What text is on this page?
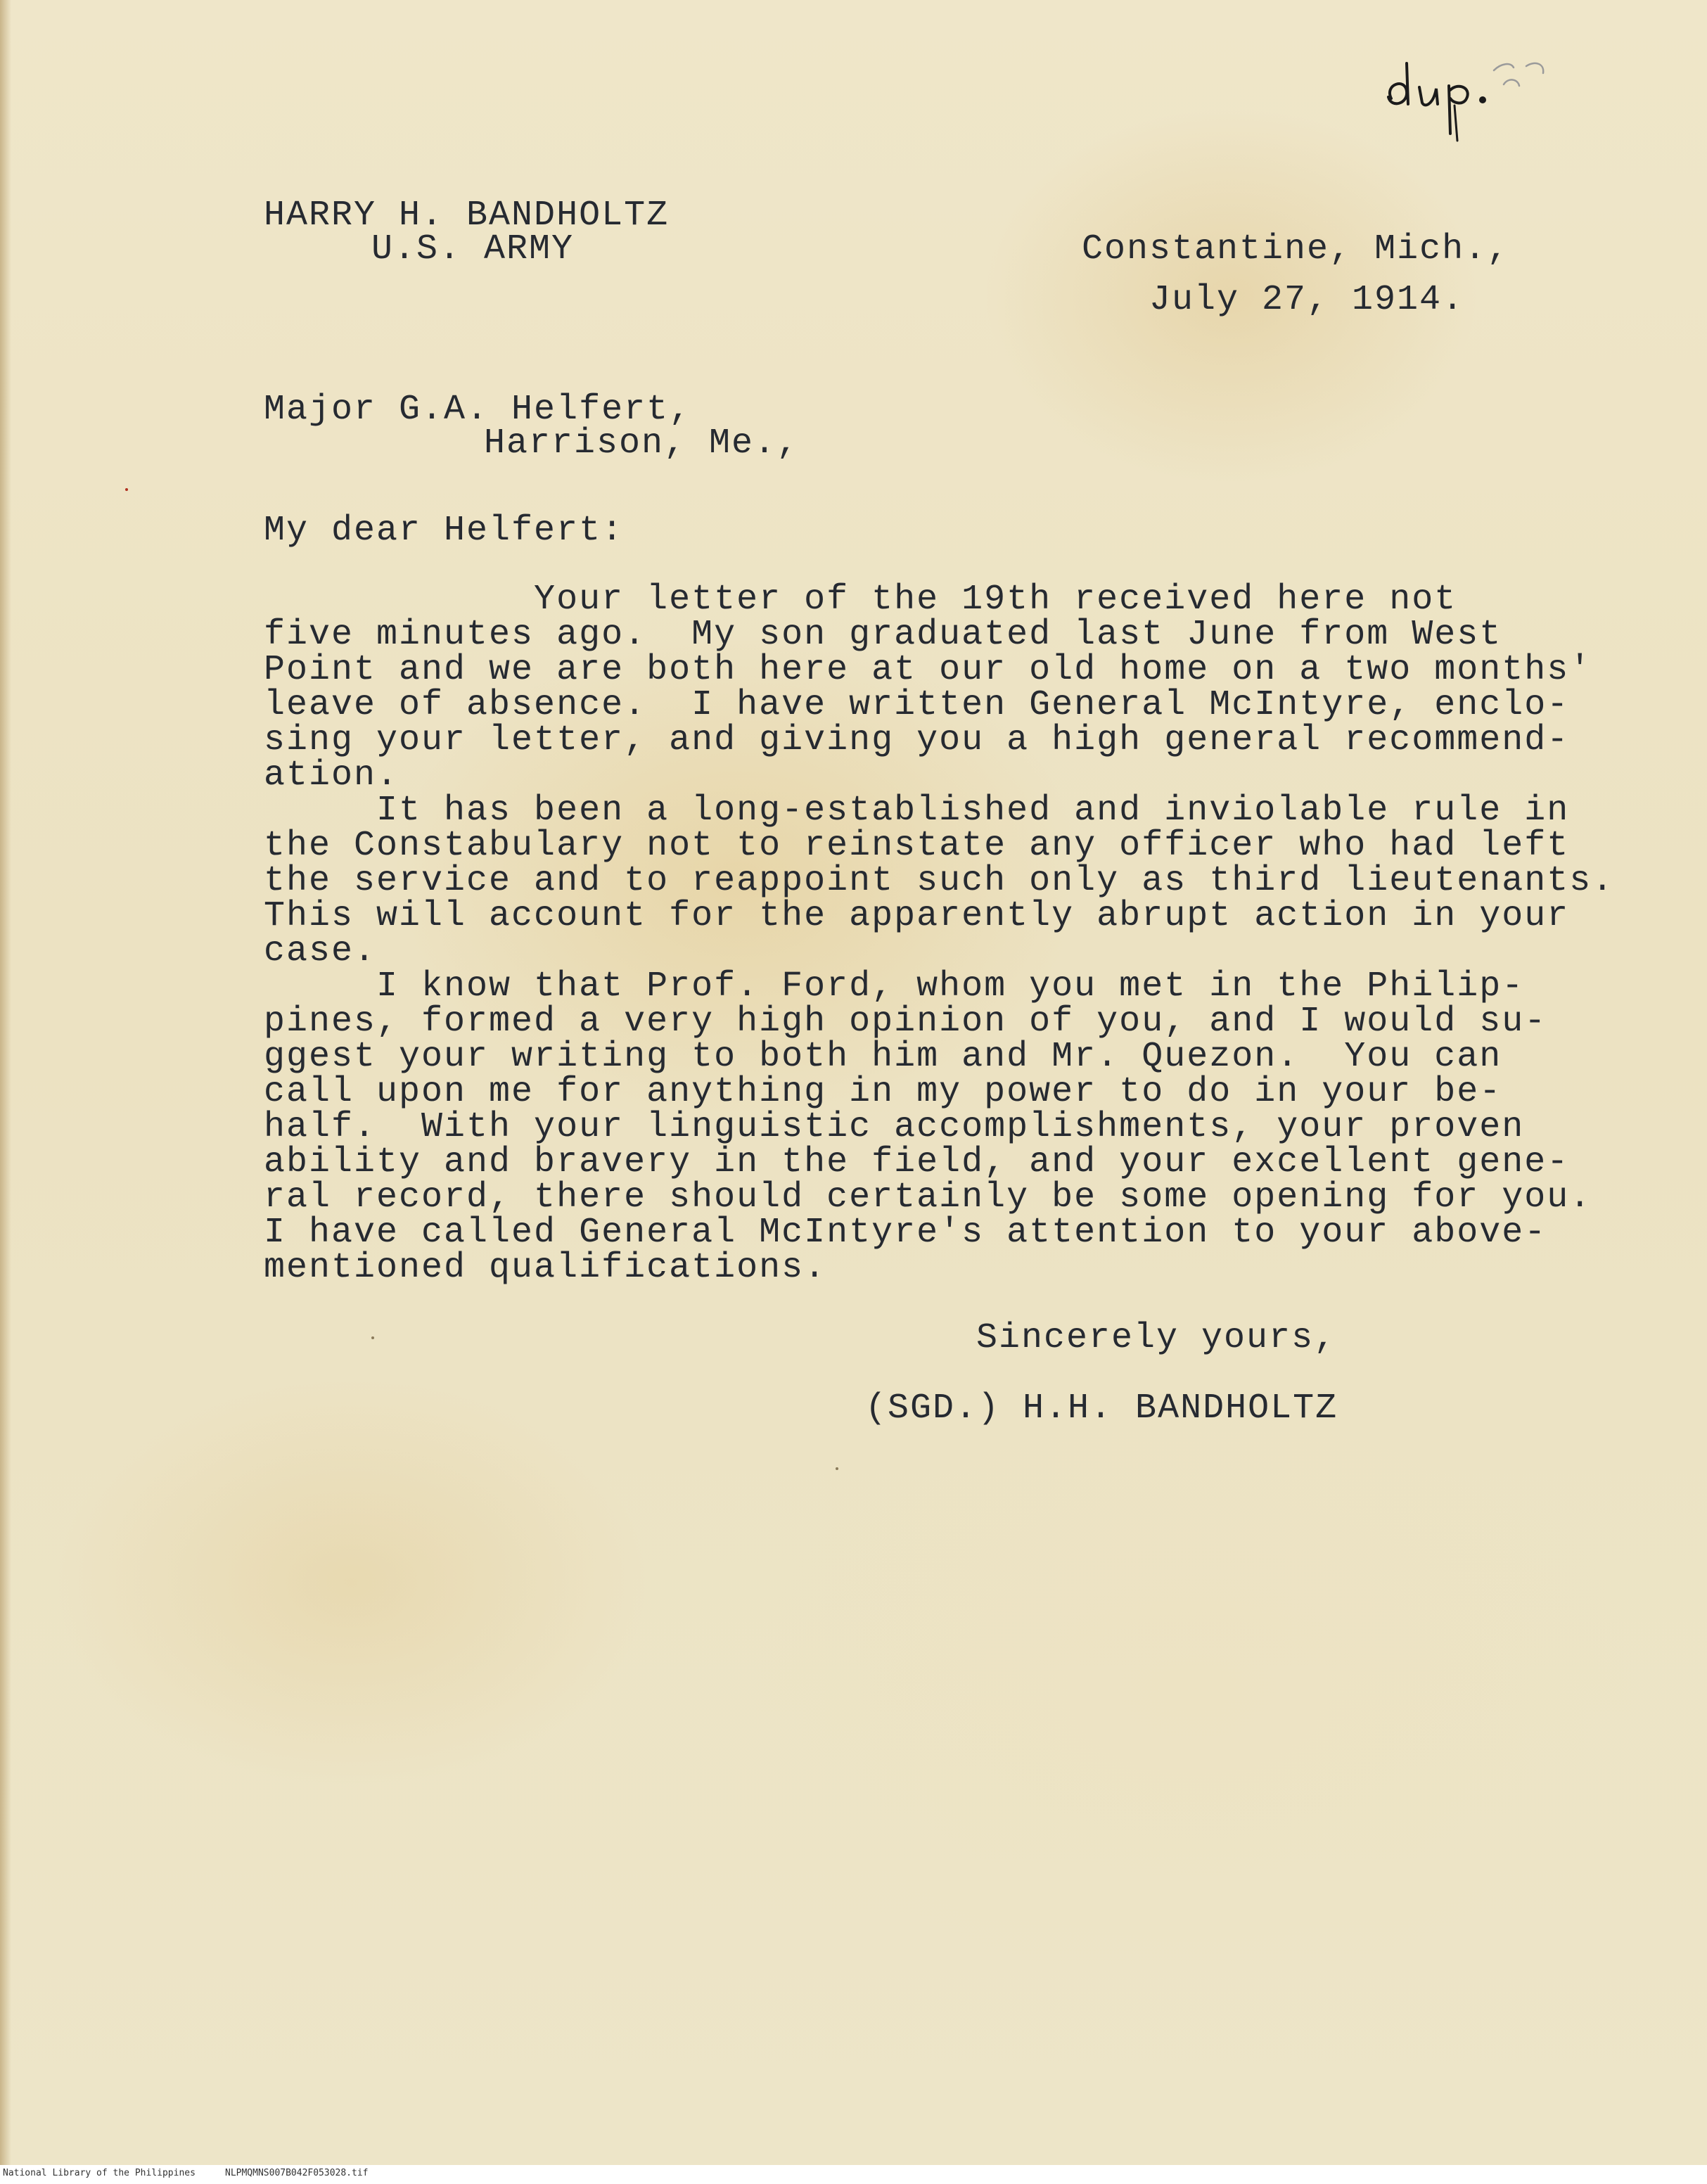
HARRY H. BANDHOLTZ

U.S. ARMY	Constantine, Mich.,

July 27, 1914.

Major G.A. Helfert,

Harrison, Me.,

My dear Helfert:

Your letter of the 19th received here not
five minutes ago.  My son graduated last June from West
Point and we are both here at our old home on a two months'
leave of absence.  I have written General McIntyre, enclo-
sing your letter, and giving you a high general recommend-
ation.
It has been a long-established and inviolable rule in
the Constabulary not to reinstate any officer who had left
the service and to reappoint such only as third lieutenants.
This will account for the apparently abrupt action in your
case.
I know that Prof. Ford, whom you met in the Philip-
pines, formed a very high opinion of you, and I would su-
ggest your writing to both him and Mr. Quezon.  You can
call upon me for anything in my power to do in your be-
half.  With your linguistic accomplishments, your proven
ability and bravery in the field, and your excellent gene-
ral record, there should certainly be some opening for you.
I have called General McIntyre's attention to your above-
mentioned qualifications.

Sincerely yours,

(SGD.) H.H. BANDHOLTZ

National Library of the Philippines	NLPMQMNS007B042F053028.tif
